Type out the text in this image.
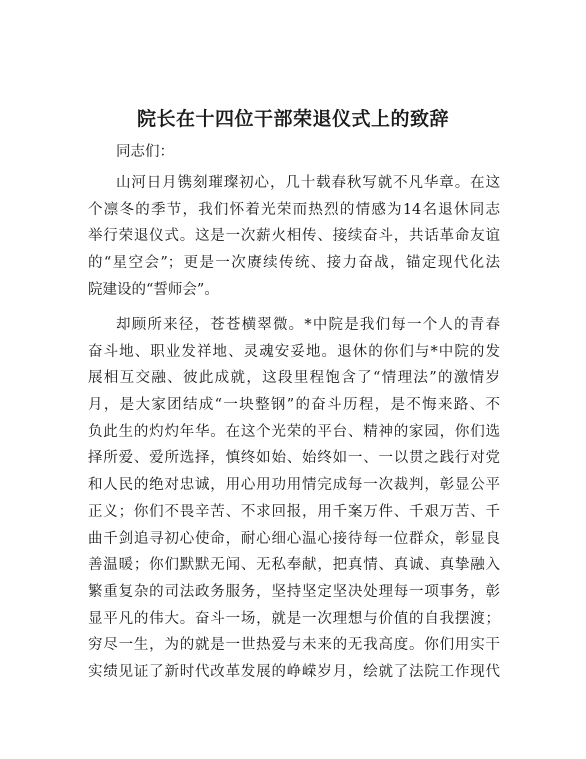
院长在十四位干部荣退仪式上的致辞
同志们：
山河日月镌刻璀璨初心，几十载春秋写就不凡华章。在这
个凛冬的季节，我们怀着光荣而热烈的情感为14名退休同志
举行荣退仪式。这是一次薪火相传、接续奋斗，共话革命友谊
的“星空会”；更是一次赓续传统、接力奋战，锚定现代化法
院建设的“誓师会”。
却顾所来径，苍苍横翠微。*中院是我们每一个人的青春
奋斗地、职业发祥地、灵魂安妥地。退休的你们与*中院的发
展相互交融、彼此成就，这段里程饱含了“情理法”的激情岁
月，是大家团结成“一块整钢”的奋斗历程，是不悔来路、不
负此生的灼灼年华。在这个光荣的平台、精神的家园，你们选
择所爱、爱所选择，慎终如始、始终如一、一以贯之践行对党
和人民的绝对忠诚，用心用功用情完成每一次裁判，彰显公平
正义；你们不畏辛苦、不求回报，用千案万件、千艰万苦、千
曲千剑追寻初心使命，耐心细心温心接待每一位群众，彰显良
善温暖；你们默默无闻、无私奉献，把真情、真诚、真挚融入
繁重复杂的司法政务服务，坚持坚定坚决处理每一项事务，彰
显平凡的伟大。奋斗一场，就是一次理想与价值的自我摆渡；
穷尽一生，为的就是一世热爱与未来的无我高度。你们用实干
实绩见证了新时代改革发展的峥嵘岁月，绘就了法院工作现代
